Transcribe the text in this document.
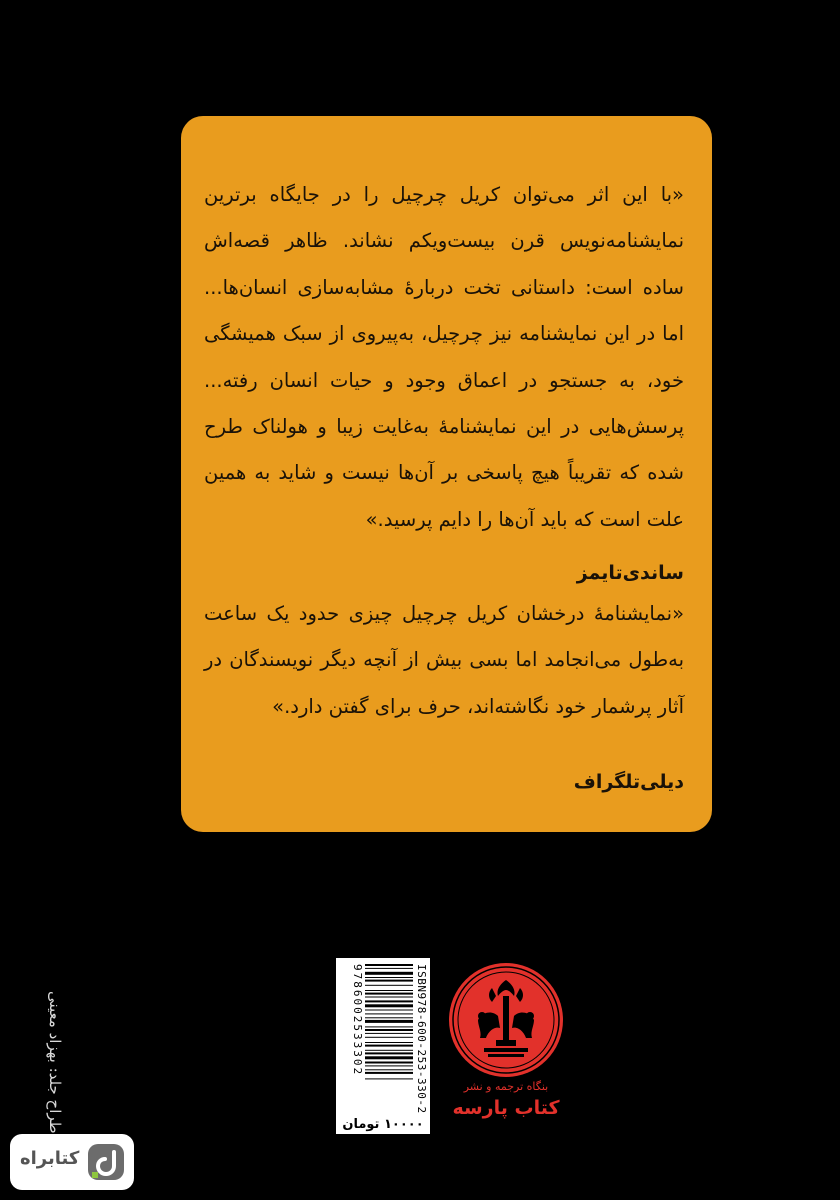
«با این اثر می‌توان کریل چرچیل را در جایگاه برترین نمایشنامه‌نویس قرن بیست‌ویکم نشاند. ظاهر قصه‌اش ساده است: داستانی تخت دربارهٔ مشابه‌سازی انسان‌ها... اما در این نمایشنامه نیز چرچیل، به‌پیروی از سبک همیشگی خود، به جستجو در اعماق وجود و حیات انسان رفته... پرسش‌هایی در این نمایشنامهٔ به‌غایت زیبا و هولناک طرح شده که تقریباً هیچ پاسخی بر آن‌ها نیست و شاید به همین علت است که باید آن‌ها را دایم پرسید.»

ساندی‌تایمز

«نمایشنامهٔ درخشان کریل چرچیل چیزی حدود یک ساعت به‌طول می‌انجامد اما بسی بیش از آنچه دیگر نویسندگان در آثار پرشمار خود نگاشته‌اند، حرف برای گفتن دارد.»

دیلی‌تلگراف
ISBN978-600-253-330-2
9786002533302
۱۰۰۰۰ تومان
بنگاه ترجمه و نشر
کتاب پارسه
طراح جلد: بهزاد معینی
کتابراه
